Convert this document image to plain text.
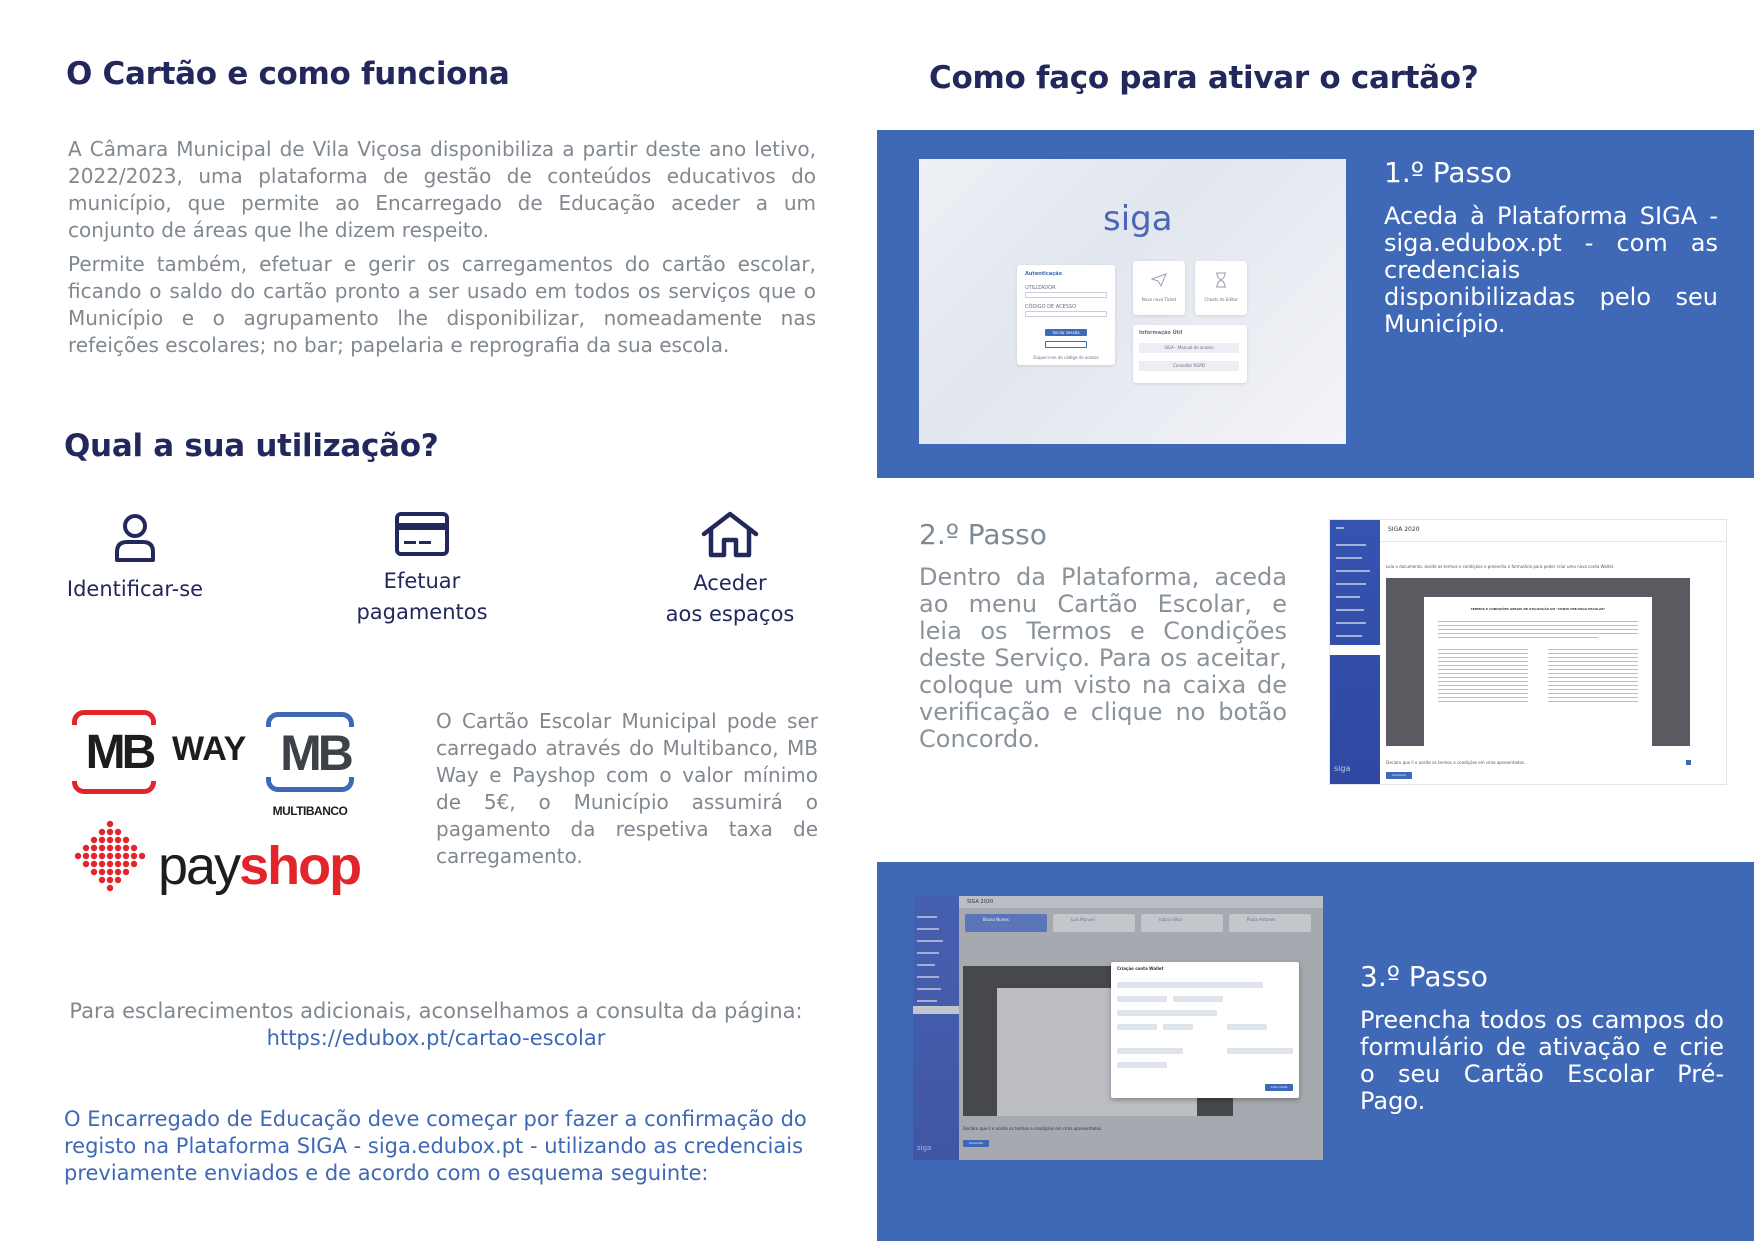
O Cartão e como funciona

A Câmara Municipal de Vila Viçosa disponibiliza a partir deste ano letivo, 2022/2023, uma plataforma de gestão de conteúdos educativos do município, que permite ao Encarregado de Educação aceder a um conjunto de áreas que lhe dizem respeito.

Permite também, efetuar e gerir os carregamentos do cartão escolar, ficando o saldo do cartão pronto a ser usado em todos os serviços que o Município e o agrupamento lhe disponibilizar, nomeadamente nas refeições escolares; no bar; papelaria e reprografia da sua escola.

Qual a sua utilização?
Identificar-se	Efetuar
pagamentos
Aceder
aos espaços
MB WAY MB
MULTIBANCO
payshop
O Cartão Escolar Municipal pode ser carregado através do Multibanco, MB Way e Payshop com o valor mínimo de 5€, o Município assumirá o pagamento da respetiva taxa de carregamento.
Para esclarecimentos adicionais, aconselhamos a consulta da página:
https://edubox.pt/cartao-escolar
O Encarregado de Educação deve começar por fazer a confirmação do registo na Plataforma SIGA - siga.edubox.pt - utilizando as credenciais previamente enviados e de acordo com o esquema seguinte:
Como faço para ativar o cartão?
siga
Autenticação
UTILIZADOR
CÓDIGO DE ACESSO
Iniciar sessão
Esqueci-me do código de acesso
Novo novo Ticket	Cheats de Editor
Informação Útil
SIGA - Manual de acesso
Consultar RGPD
1.º Passo
Aceda à Plataforma SIGA - siga.edubox.pt - com as credenciais disponibilizadas pelo seu Município.
2.º Passo
Dentro da Plataforma, aceda ao menu Cartão Escolar, e leia os Termos e Condições deste Serviço. Para os aceitar, coloque um visto na caixa de verificação e clique no botão Concordo.
siga
SIGA 2020
Leia o documento, aceite os termos e condições e preencha o formulário para poder criar uma nova conta Wallet.
TERMOS E CONDIÇÕES GERAIS DE UTILIZAÇÃO DO "CONTA PRÉ-PAGA ESCOLAR"
Declaro que li e aceito os termos e condições em cima apresentados.
Concordo
siga
SIGA 2020
Bruno Nunes	Luís Manuel	Inácio Silva	Paula Antunes
Criação conta Wallet
Criar conta
Declaro que li e aceito os termos e condições em cima apresentados.
Concordo
3.º Passo
Preencha todos os campos do formulário de ativação e crie o seu Cartão Escolar Pré-Pago.
